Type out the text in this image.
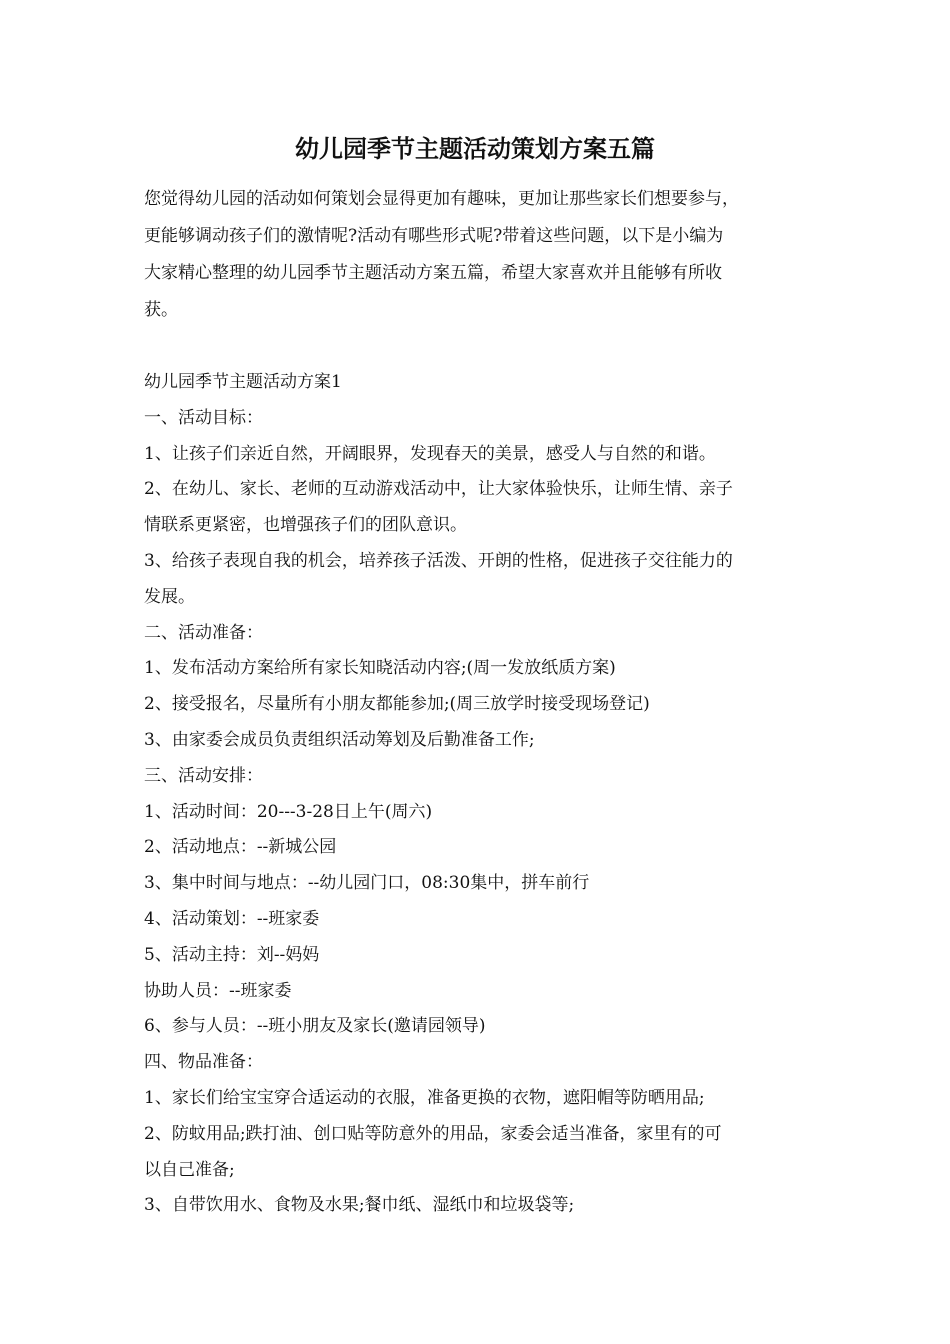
幼儿园季节主题活动策划方案五篇

您觉得幼儿园的活动如何策划会显得更加有趣味，更加让那些家长们想要参与，

更能够调动孩子们的激情呢?活动有哪些形式呢?带着这些问题，以下是小编为

大家精心整理的幼儿园季节主题活动方案五篇，希望大家喜欢并且能够有所收

获。

幼儿园季节主题活动方案1

一、活动目标：

1、让孩子们亲近自然，开阔眼界，发现春天的美景，感受人与自然的和谐。

2、在幼儿、家长、老师的互动游戏活动中，让大家体验快乐，让师生情、亲子

情联系更紧密，也增强孩子们的团队意识。

3、给孩子表现自我的机会，培养孩子活泼、开朗的性格，促进孩子交往能力的

发展。

二、活动准备：

1、发布活动方案给所有家长知晓活动内容;(周一发放纸质方案)

2、接受报名，尽量所有小朋友都能参加;(周三放学时接受现场登记)

3、由家委会成员负责组织活动筹划及后勤准备工作;

三、活动安排：

1、活动时间：20---3-28日上午(周六)

2、活动地点：--新城公园

3、集中时间与地点：--幼儿园门口，08:30集中，拼车前行

4、活动策划：--班家委

5、活动主持：刘--妈妈

协助人员：--班家委

6、参与人员：--班小朋友及家长(邀请园领导)

四、物品准备：

1、家长们给宝宝穿合适运动的衣服，准备更换的衣物，遮阳帽等防晒用品;

2、防蚊用品;跌打油、创口贴等防意外的用品，家委会适当准备，家里有的可

以自己准备;

3、自带饮用水、食物及水果;餐巾纸、湿纸巾和垃圾袋等;
